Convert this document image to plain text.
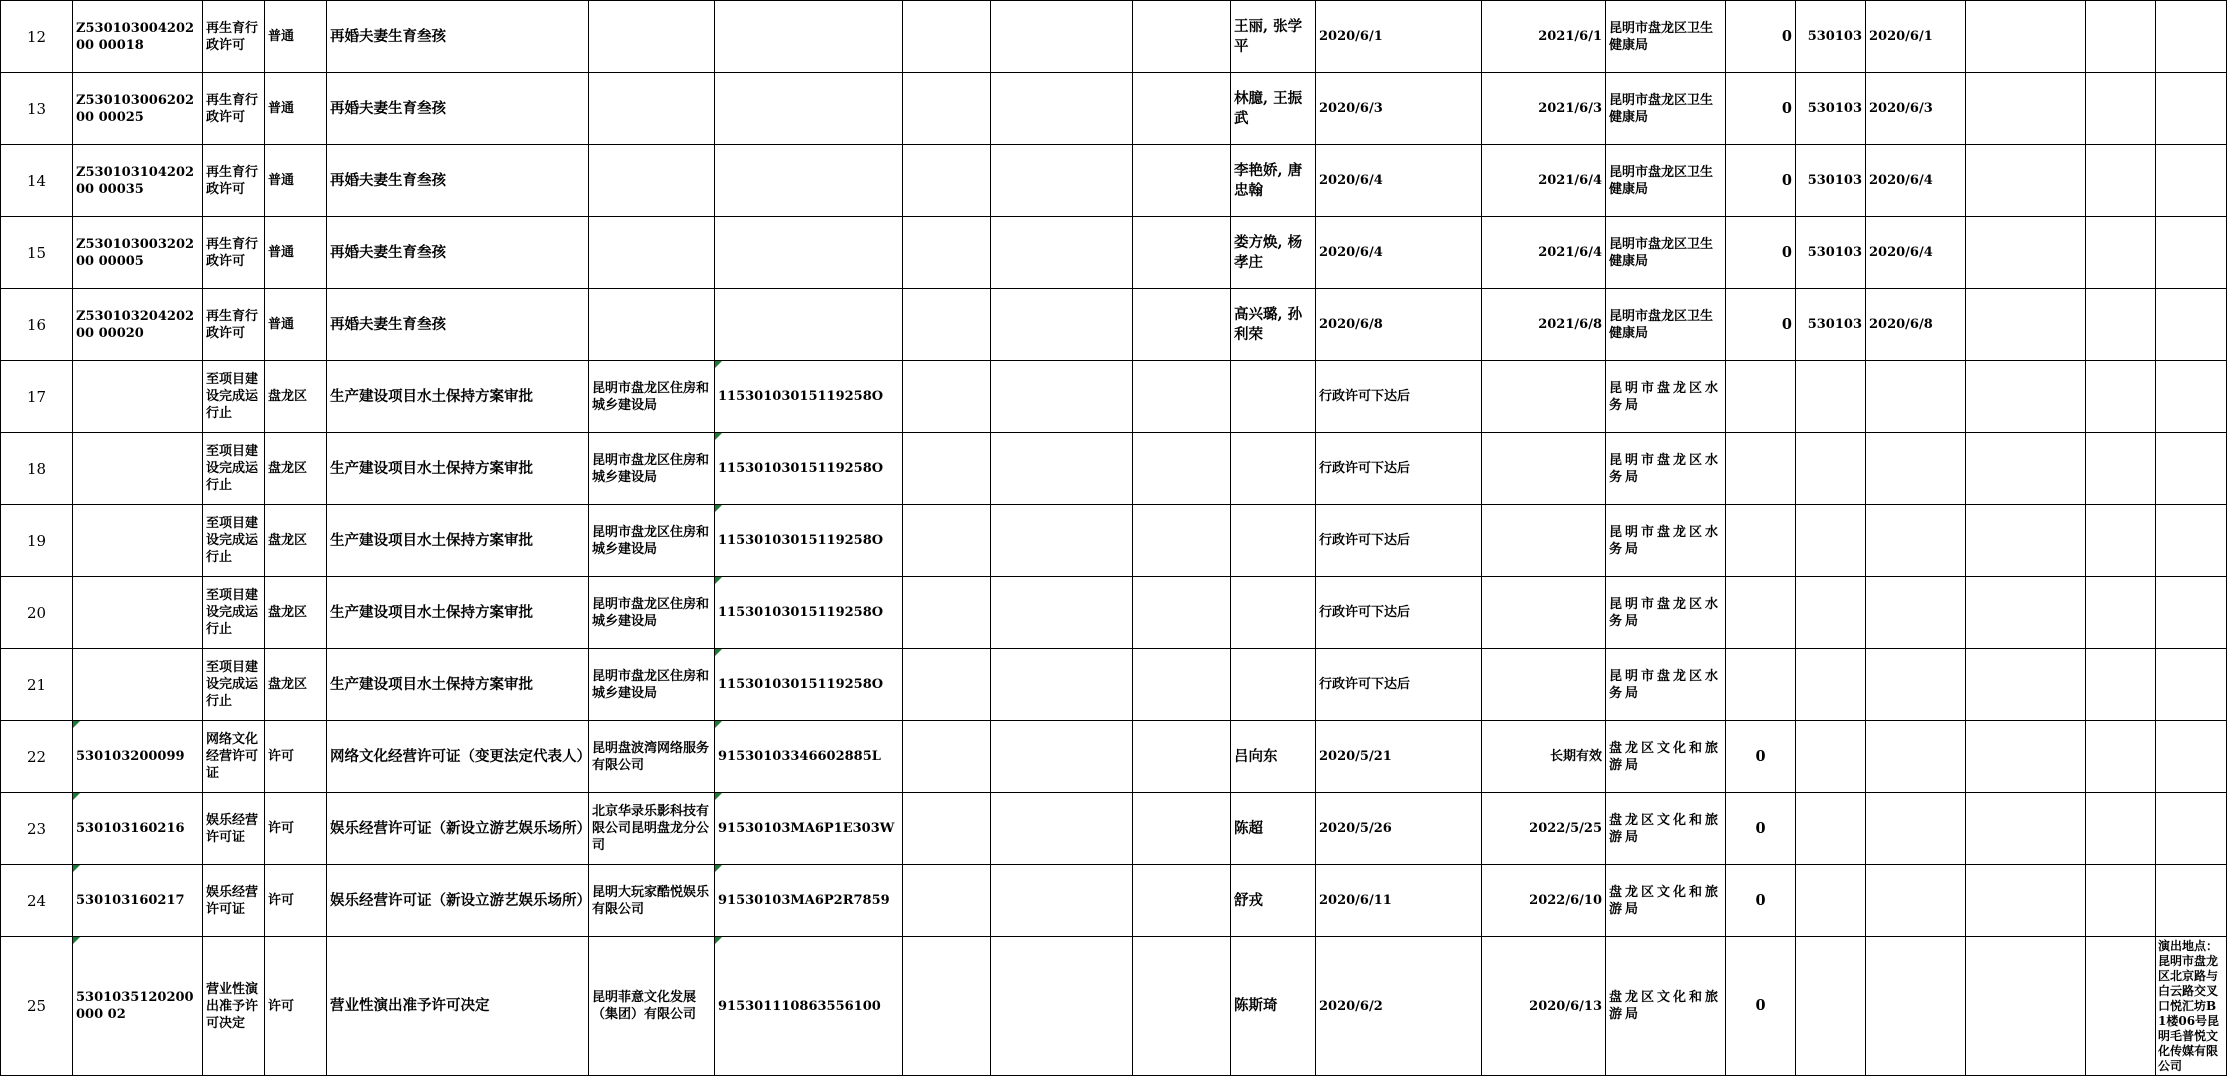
12	Z53010300420200 00018	再生育行政许可	普通	再婚夫妻生育叁孩						王丽, 张学平	2020/6/1	2021/6/1	昆明市盘龙区卫生健康局	0	530103	2020/6/1			
13	Z53010300620200 00025	再生育行政许可	普通	再婚夫妻生育叁孩						林臆, 王振武	2020/6/3	2021/6/3	昆明市盘龙区卫生健康局	0	530103	2020/6/3			
14	Z53010310420200 00035	再生育行政许可	普通	再婚夫妻生育叁孩						李艳娇, 唐忠翰	2020/6/4	2021/6/4	昆明市盘龙区卫生健康局	0	530103	2020/6/4			
15	Z53010300320200 00005	再生育行政许可	普通	再婚夫妻生育叁孩						娄方焕, 杨孝庄	2020/6/4	2021/6/4	昆明市盘龙区卫生健康局	0	530103	2020/6/4			
16	Z53010320420200 00020	再生育行政许可	普通	再婚夫妻生育叁孩						高兴璐, 孙利荣	2020/6/8	2021/6/8	昆明市盘龙区卫生健康局	0	530103	2020/6/8			
17		至项目建设完成运行止	盘龙区	生产建设项目水土保持方案审批	昆明市盘龙区住房和城乡建设局	11530103015119258O					行政许可下达后		昆明市盘龙区水务局						
18		至项目建设完成运行止	盘龙区	生产建设项目水土保持方案审批	昆明市盘龙区住房和城乡建设局	11530103015119258O					行政许可下达后		昆明市盘龙区水务局						
19		至项目建设完成运行止	盘龙区	生产建设项目水土保持方案审批	昆明市盘龙区住房和城乡建设局	11530103015119258O					行政许可下达后		昆明市盘龙区水务局						
20		至项目建设完成运行止	盘龙区	生产建设项目水土保持方案审批	昆明市盘龙区住房和城乡建设局	11530103015119258O					行政许可下达后		昆明市盘龙区水务局						
21		至项目建设完成运行止	盘龙区	生产建设项目水土保持方案审批	昆明市盘龙区住房和城乡建设局	11530103015119258O					行政许可下达后		昆明市盘龙区水务局						
22	530103200099	网络文化经营许可证	许可	网络文化经营许可证（变更法定代表人）	昆明盘波湾网络服务有限公司	91530103346602885L				吕向东	2020/5/21	长期有效	盘龙区文化和旅游局	0					
23	530103160216	娱乐经营许可证	许可	娱乐经营许可证（新设立游艺娱乐场所）	北京华录乐影科技有限公司昆明盘龙分公司	91530103MA6P1E303W				陈超	2020/5/26	2022/5/25	盘龙区文化和旅游局	0					
24	530103160217	娱乐经营许可证	许可	娱乐经营许可证（新设立游艺娱乐场所）	昆明大玩家酷悦娱乐有限公司	91530103MA6P2R7859				舒戎	2020/6/11	2022/6/10	盘龙区文化和旅游局	0					
25	5301035120200000 02	营业性演出准予许可决定	许可	营业性演出准予许可决定	昆明菲意文化发展（集团）有限公司	915301110863556100				陈斯琦	2020/6/2	2020/6/13	盘龙区文化和旅游局	0					演出地点：昆明市盘龙区北京路与白云路交叉口悦汇坊B1楼06号昆明毛普悦文化传媒有限公司
